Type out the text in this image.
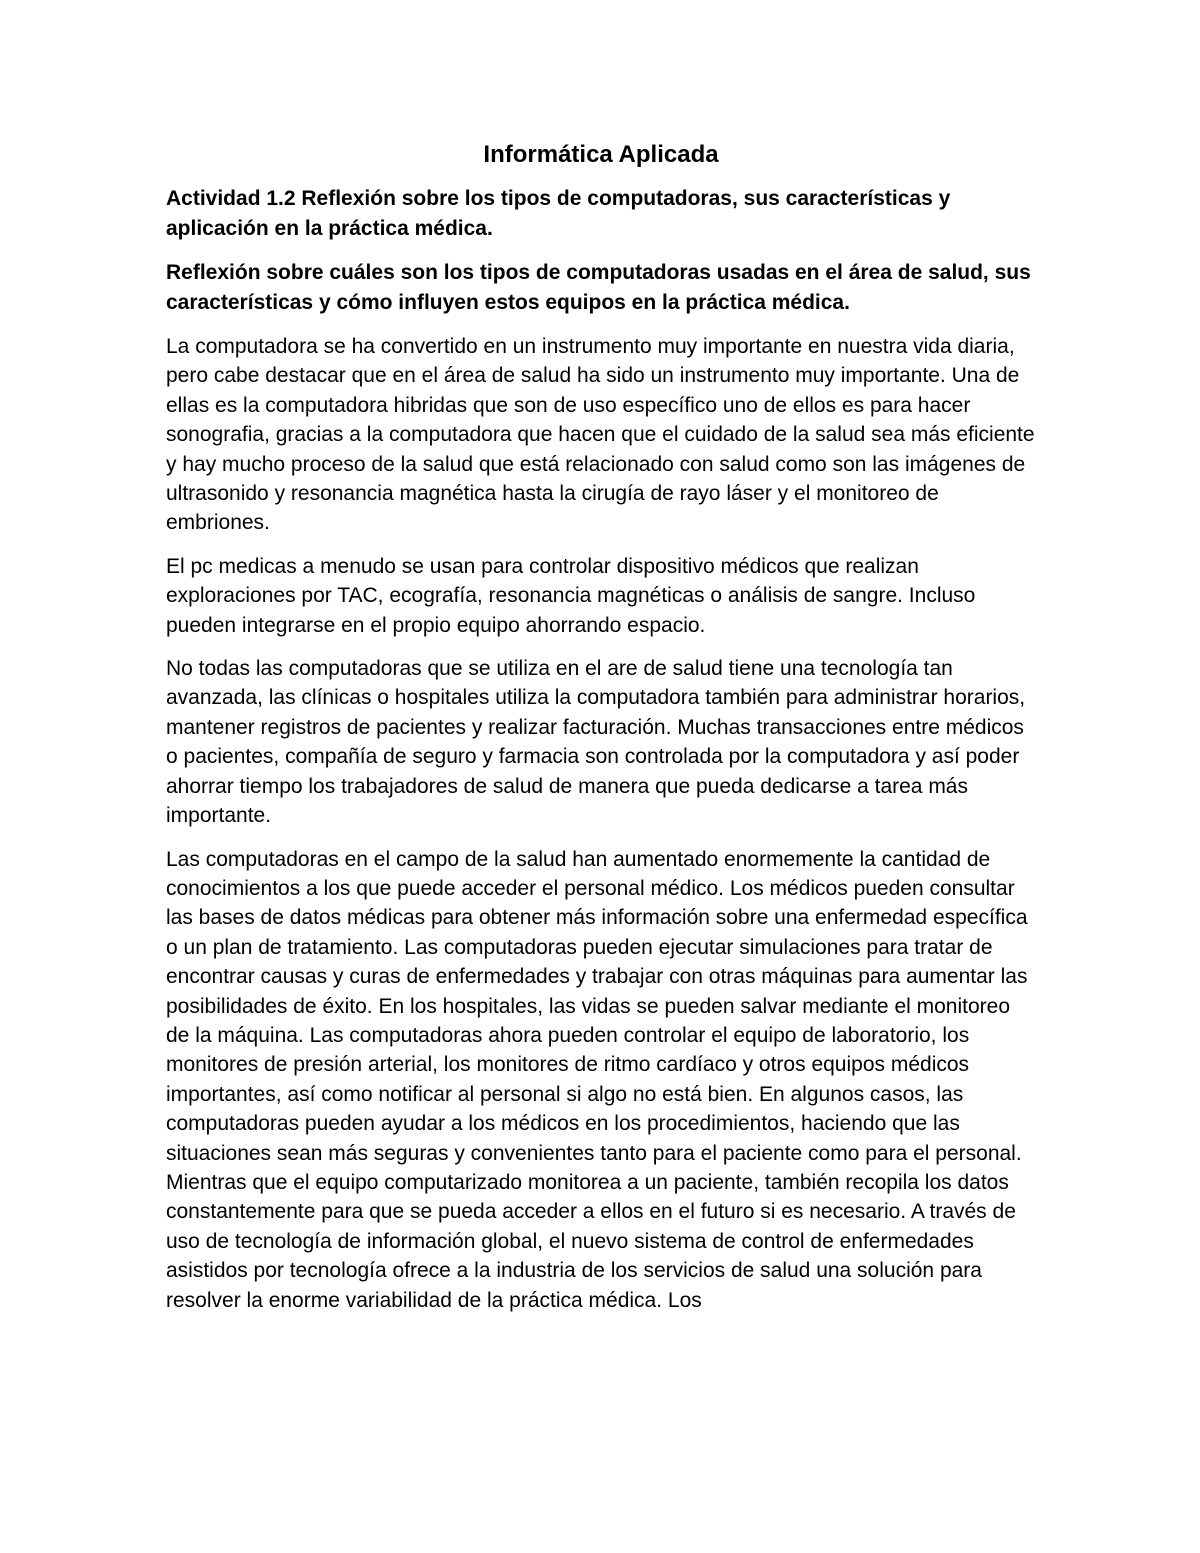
Informática Aplicada

Actividad 1.2 Reflexión sobre los tipos de computadoras, sus características y aplicación en la práctica médica.

Reflexión sobre cuáles son los tipos de computadoras usadas en el área de salud, sus características y cómo influyen estos equipos en la práctica médica.

La computadora se ha convertido en un instrumento muy importante en nuestra vida diaria, pero cabe destacar que en el área de salud ha sido un instrumento muy importante. Una de ellas es la computadora hibridas que son de uso específico uno de ellos es para hacer sonografia, gracias a la computadora que hacen que el cuidado de la salud sea más eficiente y hay mucho proceso de la salud que está relacionado con salud como son las imágenes de ultrasonido y resonancia magnética hasta la cirugía de rayo láser y el monitoreo de embriones.

El pc medicas a menudo se usan para controlar dispositivo médicos que realizan exploraciones por TAC, ecografía, resonancia magnéticas o análisis de sangre. Incluso pueden integrarse en el propio equipo ahorrando espacio.

No todas las computadoras que se utiliza en el are de salud tiene una tecnología tan avanzada, las clínicas o hospitales utiliza la computadora también para administrar horarios, mantener registros de pacientes y realizar facturación. Muchas transacciones entre médicos o pacientes, compañía de seguro y farmacia son controlada por la computadora y así poder ahorrar tiempo los trabajadores de salud de manera que pueda dedicarse a tarea más importante.

Las computadoras en el campo de la salud han aumentado enormemente la cantidad de conocimientos a los que puede acceder el personal médico. Los médicos pueden consultar las bases de datos médicas para obtener más información sobre una enfermedad específica o un plan de tratamiento. Las computadoras pueden ejecutar simulaciones para tratar de encontrar causas y curas de enfermedades y trabajar con otras máquinas para aumentar las posibilidades de éxito. En los hospitales, las vidas se pueden salvar mediante el monitoreo de la máquina. Las computadoras ahora pueden controlar el equipo de laboratorio, los monitores de presión arterial, los monitores de ritmo cardíaco y otros equipos médicos importantes, así como notificar al personal si algo no está bien. En algunos casos, las computadoras pueden ayudar a los médicos en los procedimientos, haciendo que las situaciones sean más seguras y convenientes tanto para el paciente como para el personal. Mientras que el equipo computarizado monitorea a un paciente, también recopila los datos constantemente para que se pueda acceder a ellos en el futuro si es necesario. A través de uso de tecnología de información global, el nuevo sistema de control de enfermedades asistidos por tecnología ofrece a la industria de los servicios de salud una solución para resolver la enorme variabilidad de la práctica médica. Los
